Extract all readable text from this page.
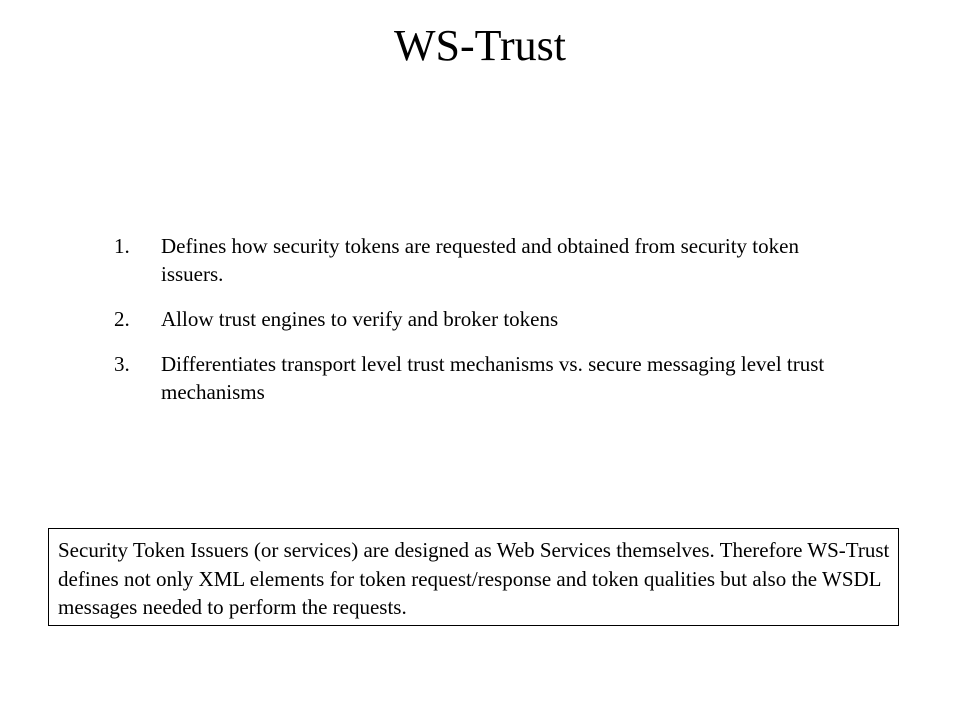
WS-Trust
1.	Defines how security tokens are requested and obtained from security token issuers.
2.	Allow trust engines to verify and broker tokens
3.	Differentiates transport level trust mechanisms vs. secure messaging level trust mechanisms
Security Token Issuers (or services) are designed as Web Services themselves. Therefore WS-Trust defines not only XML elements for token request/response and token qualities but also the WSDL messages needed to perform the requests.
